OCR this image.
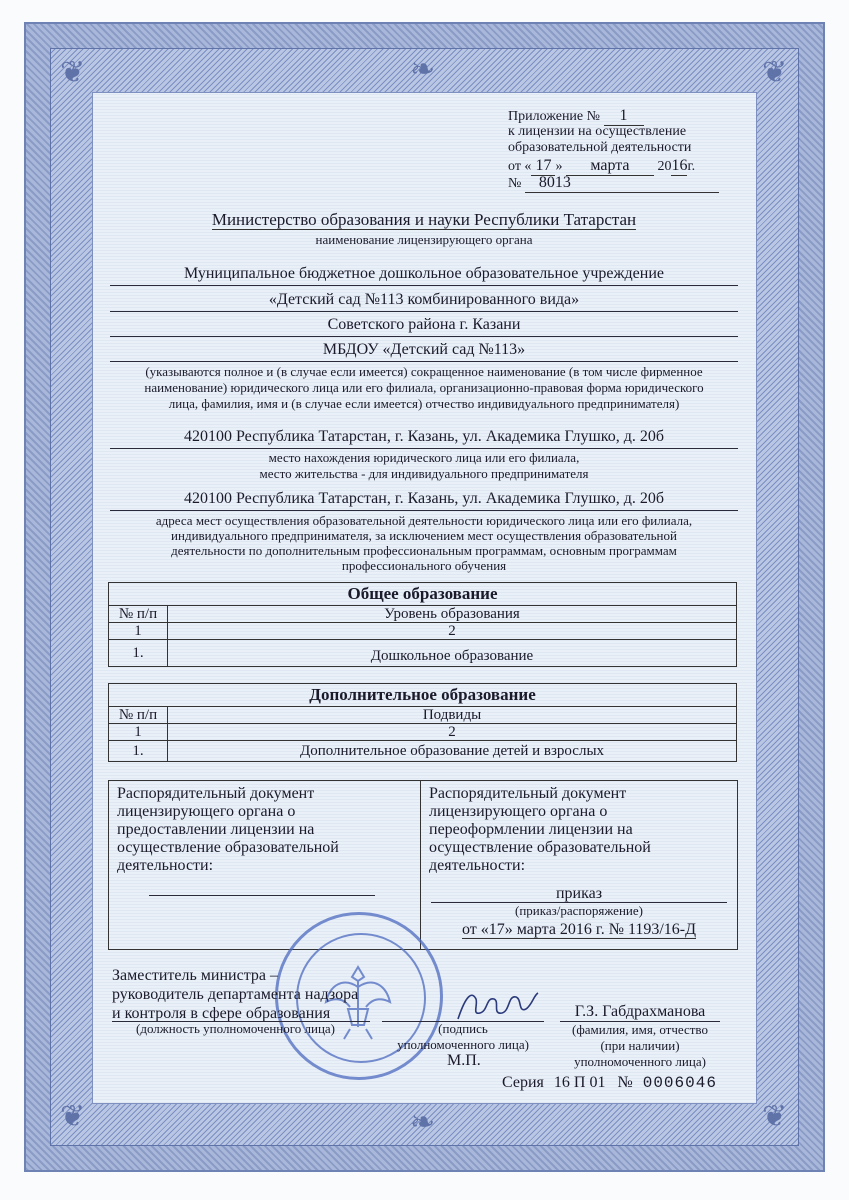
❦	❦
❦	❦
❧
❧
Приложение № 1
к лицензии на осуществление
образовательной деятельности
от « 17 » марта 2016г.
№ 8013
Министерство образования и науки Республики Татарстан
наименование лицензирующего органа
Муниципальное бюджетное дошкольное образовательное учреждение
«Детский сад №113 комбинированного вида»
Советского района г. Казани
МБДОУ «Детский сад №113»
(указываются полное и (в случае если имеется) сокращенное наименование (в том числе фирменное
наименование) юридического лица или его филиала, организационно-правовая форма юридического
лица, фамилия, имя и (в случае если имеется) отчество индивидуального предпринимателя)
420100 Республика Татарстан, г. Казань, ул. Академика Глушко, д. 20б
место нахождения юридического лица или его филиала,
место жительства - для индивидуального предпринимателя
420100 Республика Татарстан, г. Казань, ул. Академика Глушко, д. 20б
адреса мест осуществления образовательной деятельности юридического лица или его филиала,
индивидуального предпринимателя, за исключением мест осуществления образовательной
деятельности по дополнительным профессиональным программам, основным программам
профессионального обучения
Общее образование	
№ п/п	Уровень образования
1	2
1.	Дошкольное образование
Дополнительное образование	
№ п/п	Подвиды
1	2
1.	Дополнительное образование детей и взрослых
Распорядительный документ
лицензирующего органа о
предоставлении лицензии на
осуществление образовательной
деятельности:
Распорядительный документ
лицензирующего органа о
переоформлении лицензии на
осуществление образовательной
деятельности:
приказ
(приказ/распоряжение)
от «17» марта 2016 г. № 1193/16-Д
Заместитель министра –
руководитель департамента надзора
и контроля в сфере образования
(должность уполномоченного лица)	(подпись
уполномоченного лица)
М.П.
Г.З. Габдрахманова
(фамилия, имя, отчество
(при наличии)
уполномоченного лица)
Серия 16 П 01 № 0006046
